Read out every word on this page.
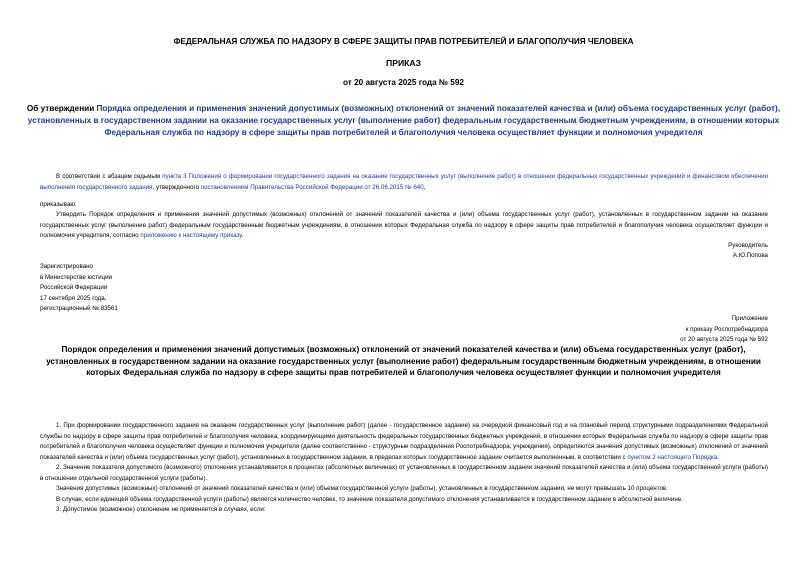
ФЕДЕРАЛЬНАЯ СЛУЖБА ПО НАДЗОРУ В СФЕРЕ ЗАЩИТЫ ПРАВ ПОТРЕБИТЕЛЕЙ И БЛАГОПОЛУЧИЯ ЧЕЛОВЕКА
ПРИКАЗ
от 20 августа 2025 года № 592
Об утверждении Порядка определения и применения значений допустимых (возможных) отклонений от значений показателей качества и (или) объема государственных услуг (работ), установленных в государственном задании на оказание государственных услуг (выполнение работ) федеральным государственным бюджетным учреждениям, в отношении которых Федеральная служба по надзору в сфере защиты прав потребителей и благополучия человека осуществляет функции и полномочия учредителя
В соответствии с абзацем седьмым пункта 3 Положения о формировании государственного задания на оказание государственных услуг (выполнение работ) в отношении федеральных государственных учреждений и финансовом обеспечении выполнения государственного задания, утвержденного постановлением Правительства Российской Федерации от 26.06.2015 № 640,
приказываю:
Утвердить Порядок определения и применения значений допустимых (возможных) отклонений от значений показателей качества и (или) объема государственных услуг (работ), установленных в государственном задании на оказание государственных услуг (выполнение работ) федеральным государственным бюджетным учреждениям, в отношении которых Федеральная служба по надзору в сфере защиты прав потребителей и благополучия человека осуществляет функции и полномочия учредителя, согласно приложению к настоящему приказу.
Руководитель
А.Ю.Попова
Зарегистрировано
в Министерстве юстиции
Российской Федерации
17 сентября 2025 года,
регистрационный № 83561
Приложение
к приказу Роспотребнадзора
от 20 августа 2025 года № 592
Порядок определения и применения значений допустимых (возможных) отклонений от значений показателей качества и (или) объема государственных услуг (работ), установленных в государственном задании на оказание государственных услуг (выполнение работ) федеральным государственным бюджетным учреждениям, в отношении которых Федеральная служба по надзору в сфере защиты прав потребителей и благополучия человека осуществляет функции и полномочия учредителя
1. При формировании государственного задания на оказание государственных услуг (выполнение работ) (далее - государственное задание) на очередной финансовый год и на плановый период структурными подразделениями Федеральной службы по надзору в сфере защиты прав потребителей и благополучия человека, координирующими деятельность федеральных государственных бюджетных учреждений, в отношении которых Федеральная служба по надзору в сфере защиты прав потребителей и благополучия человека осуществляет функции и полномочия учредителя (далее соответственно - структурные подразделения Роспотребнадзора, учреждения), определяются значения допустимых (возможных) отклонений от значений показателей качества и (или) объема государственных услуг (работ), установленных в государственном задании, в пределах которых государственное задание считается выполненным, в соответствии с пунктом 2 настоящего Порядка.
2. Значение показателя допустимого (возможного) отклонения устанавливается в процентах (абсолютных величинах) от установленных в государственном задании значений показателей качества и (или) объема государственной услуги (работы) в отношении отдельной государственной услуги (работы).
Значения допустимых (возможных) отклонений от значений показателей качества и (или) объема государственной услуги (работы), установленных в государственном задании, не могут превышать 10 процентов.
В случае, если единицей объема государственной услуги (работы) является количество человек, то значение показателя допустимого отклонения устанавливается в государственном задании в абсолютной величине.
3. Допустимое (возможное) отклонение не применяется в случаях, если:
